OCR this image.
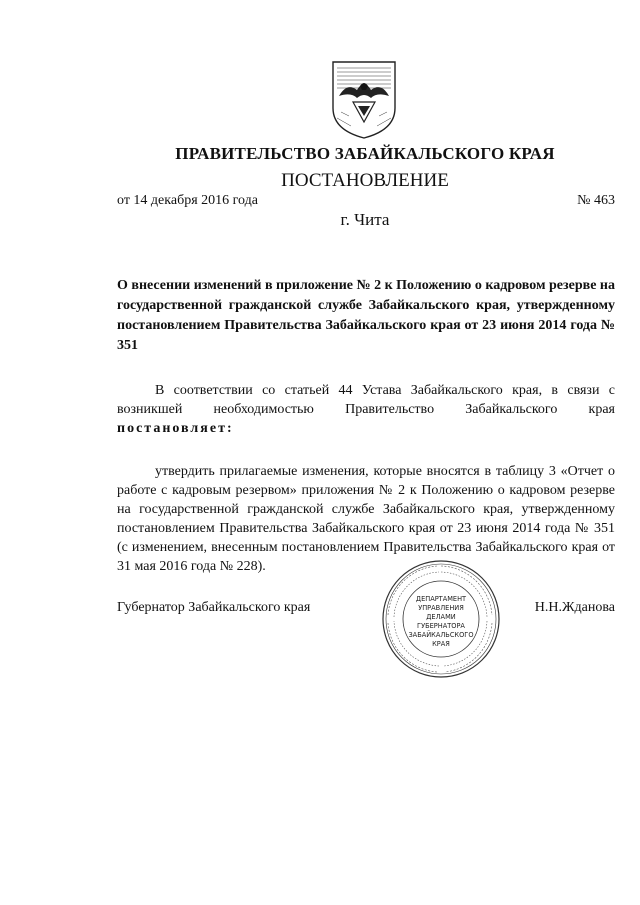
ПРАВИТЕЛЬСТВО ЗАБАЙКАЛЬСКОГО КРАЯ
ПОСТАНОВЛЕНИЕ
от 14 декабря 2016 года	№ 463
г. Чита
О внесении изменений в приложение № 2 к Положению о кадровом резерве на государственной гражданской службе Забайкальского края, утвержденному постановлением Правительства Забайкальского края от 23 июня 2014 года № 351
В соответствии со статьей 44 Устава Забайкальского края, в связи с возникшей необходимостью Правительство Забайкальского края постановляет:
утвердить прилагаемые изменения, которые вносятся в таблицу 3 «Отчет о работе с кадровым резервом» приложения № 2 к Положению о кадровом резерве на государственной гражданской службе Забайкальского края, утвержденному постановлением Правительства Забайкальского края от 23 июня 2014 года № 351 (с изменением, внесенным постановлением Правительства Забайкальского края от 31 мая 2016 года № 228).
Губернатор Забайкальского края	Н.Н.Жданова
ДЕПАРТАМЕНТ
УПРАВЛЕНИЯ
ДЕЛАМИ
ГУБЕРНАТОРА
ЗАБАЙКАЛЬСКОГО
КРАЯ
